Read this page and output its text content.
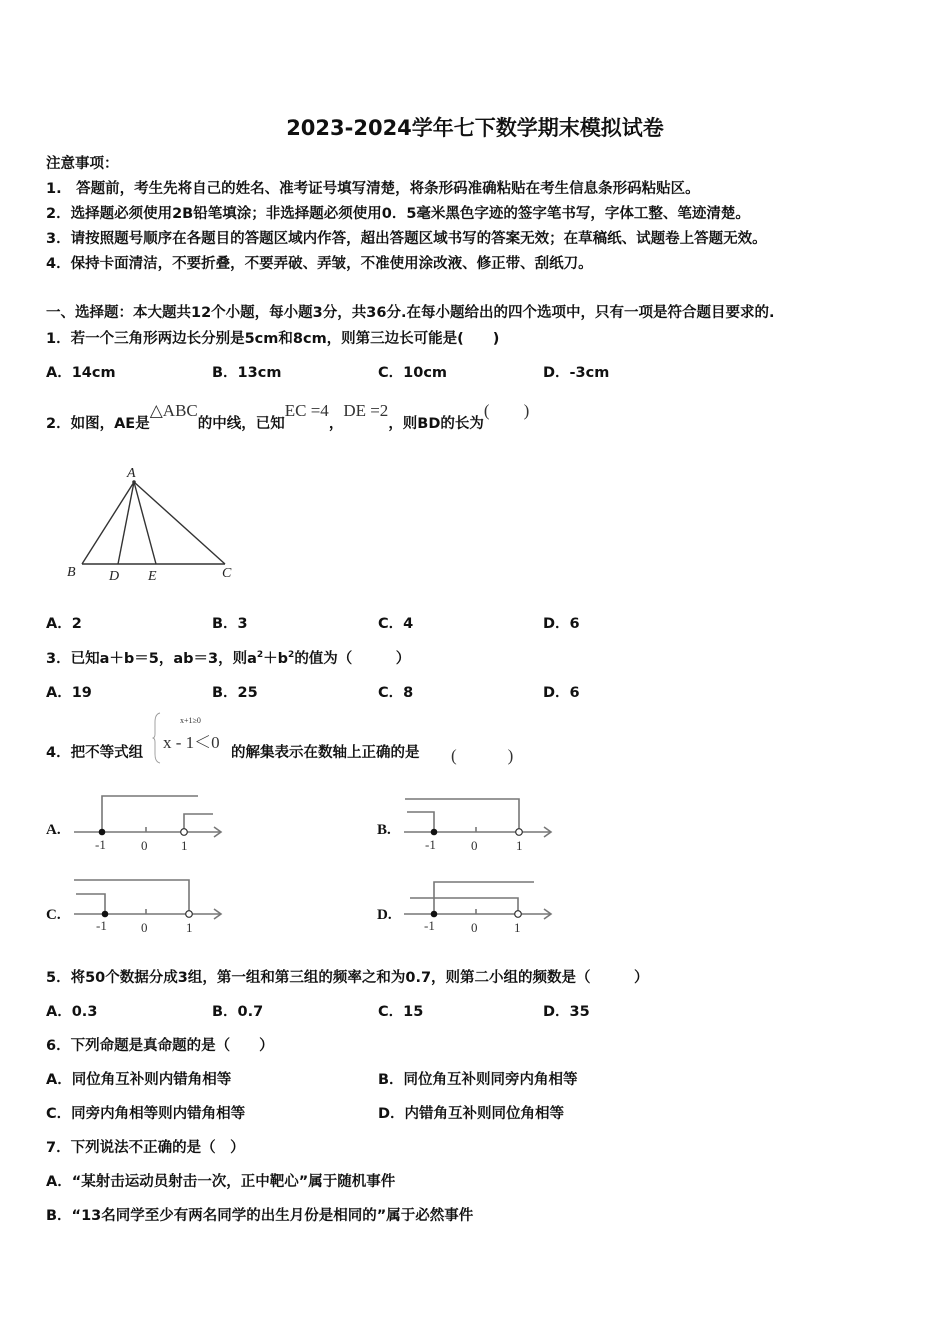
2023-2024学年七下数学期末模拟试卷
注意事项：
1.　答题前，考生先将自己的姓名、准考证号填写清楚，将条形码准确粘贴在考生信息条形码粘贴区。
2．选择题必须使用2B铅笔填涂；非选择题必须使用0．5毫米黑色字迹的签字笔书写，字体工整、笔迹清楚。
3．请按照题号顺序在各题目的答题区域内作答，超出答题区域书写的答案无效；在草稿纸、试题卷上答题无效。
4．保持卡面清洁，不要折叠，不要弄破、弄皱，不准使用涂改液、修正带、刮纸刀。
一、选择题：本大题共12个小题，每小题3分，共36分.在每小题给出的四个选项中，只有一项是符合题目要求的.
1．若一个三角形两边长分别是5cm和8cm，则第三边长可能是(　　)
A．14cm	B．13cm	C．10cm	D．-3cm
2．如图，AE是△ABC的中线，已知EC =4，DE =2，则BD的长为(　　)
A
B D E	C
A．2	B．3	C．4	D．6
3．已知a＋b＝5，ab＝3，则$a^2+b^2$的值为（　　　）
A．19	B．25	C．8	D．6
4．把不等式组
x+1≥0
x - 1＜0
的解集表示在数轴上正确的是 (　　　)
A.
-1	0	1
B.
-1	0	1
C.
-1	0	1
D.
-1	0	1
5．将50个数据分成3组，第一组和第三组的频率之和为0.7，则第二小组的频数是（　　　）
A．0.3	B．0.7	C．15	D．35
6．下列命题是真命题的是（　　）
A．同位角互补则内错角相等	B．同位角互补则同旁内角相等
C．同旁内角相等则内错角相等	D．内错角互补则同位角相等
7．下列说法不正确的是（　）
A．“某射击运动员射击一次，正中靶心”属于随机事件
B．“13名同学至少有两名同学的出生月份是相同的”属于必然事件
